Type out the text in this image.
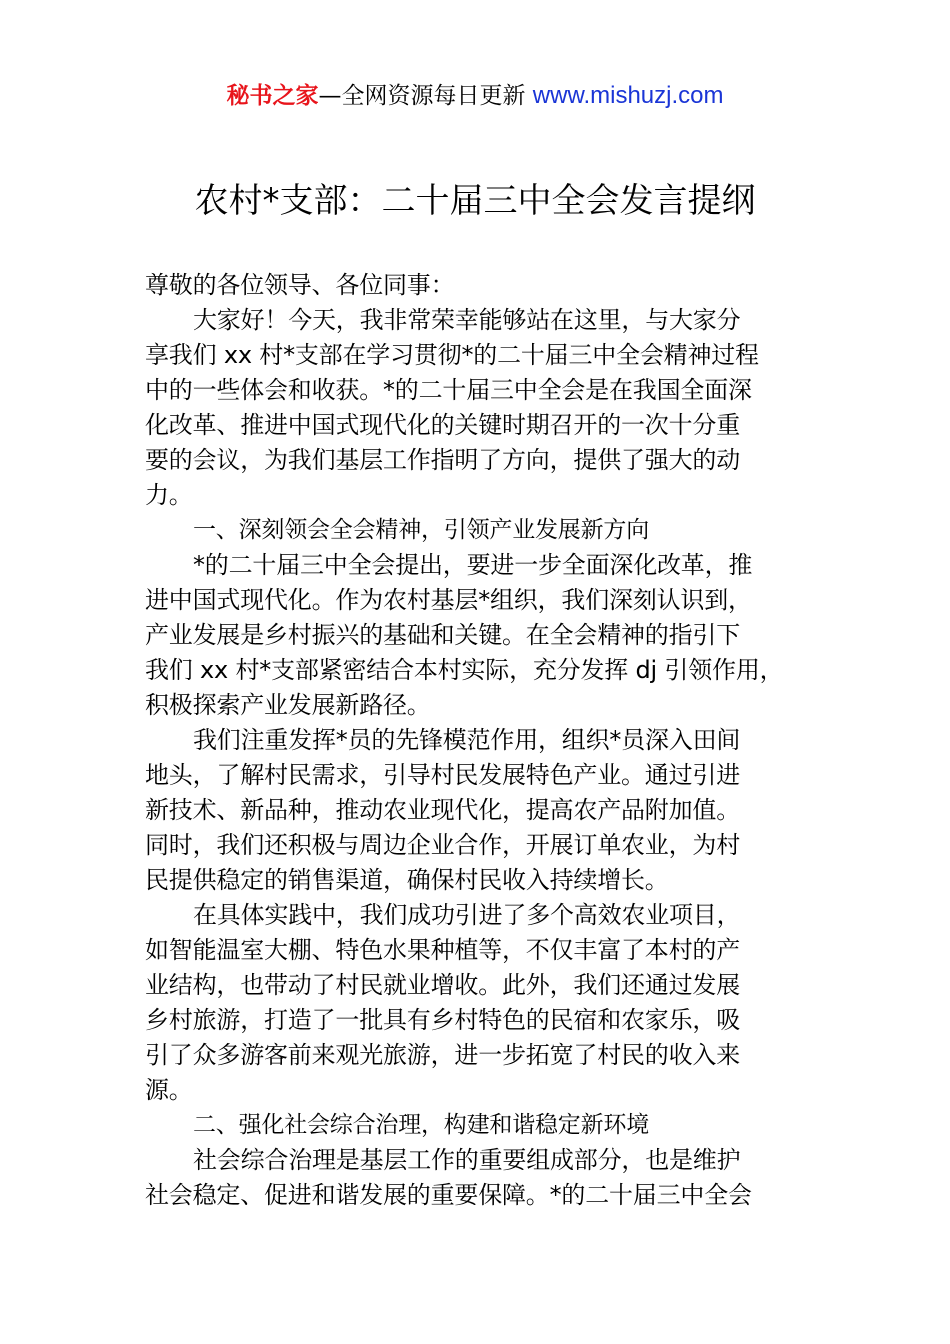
秘书之家—全网资源每日更新 www.mishuzj.com
农村*支部：二十届三中全会发言提纲
尊敬的各位领导、各位同事：
大家好！今天，我非常荣幸能够站在这里，与大家分
享我们 xx 村*支部在学习贯彻*的二十届三中全会精神过程
中的一些体会和收获。*的二十届三中全会是在我国全面深
化改革、推进中国式现代化的关键时期召开的一次十分重
要的会议，为我们基层工作指明了方向，提供了强大的动
力。
一、深刻领会全会精神，引领产业发展新方向
*的二十届三中全会提出，要进一步全面深化改革，推
进中国式现代化。作为农村基层*组织，我们深刻认识到，
产业发展是乡村振兴的基础和关键。在全会精神的指引下
我们 xx 村*支部紧密结合本村实际，充分发挥 dj 引领作用，
积极探索产业发展新路径。
我们注重发挥*员的先锋模范作用，组织*员深入田间
地头，了解村民需求，引导村民发展特色产业。通过引进
新技术、新品种，推动农业现代化，提高农产品附加值。
同时，我们还积极与周边企业合作，开展订单农业，为村
民提供稳定的销售渠道，确保村民收入持续增长。
在具体实践中，我们成功引进了多个高效农业项目，
如智能温室大棚、特色水果种植等，不仅丰富了本村的产
业结构，也带动了村民就业增收。此外，我们还通过发展
乡村旅游，打造了一批具有乡村特色的民宿和农家乐，吸
引了众多游客前来观光旅游，进一步拓宽了村民的收入来
源。
二、强化社会综合治理，构建和谐稳定新环境
社会综合治理是基层工作的重要组成部分，也是维护
社会稳定、促进和谐发展的重要保障。*的二十届三中全会
